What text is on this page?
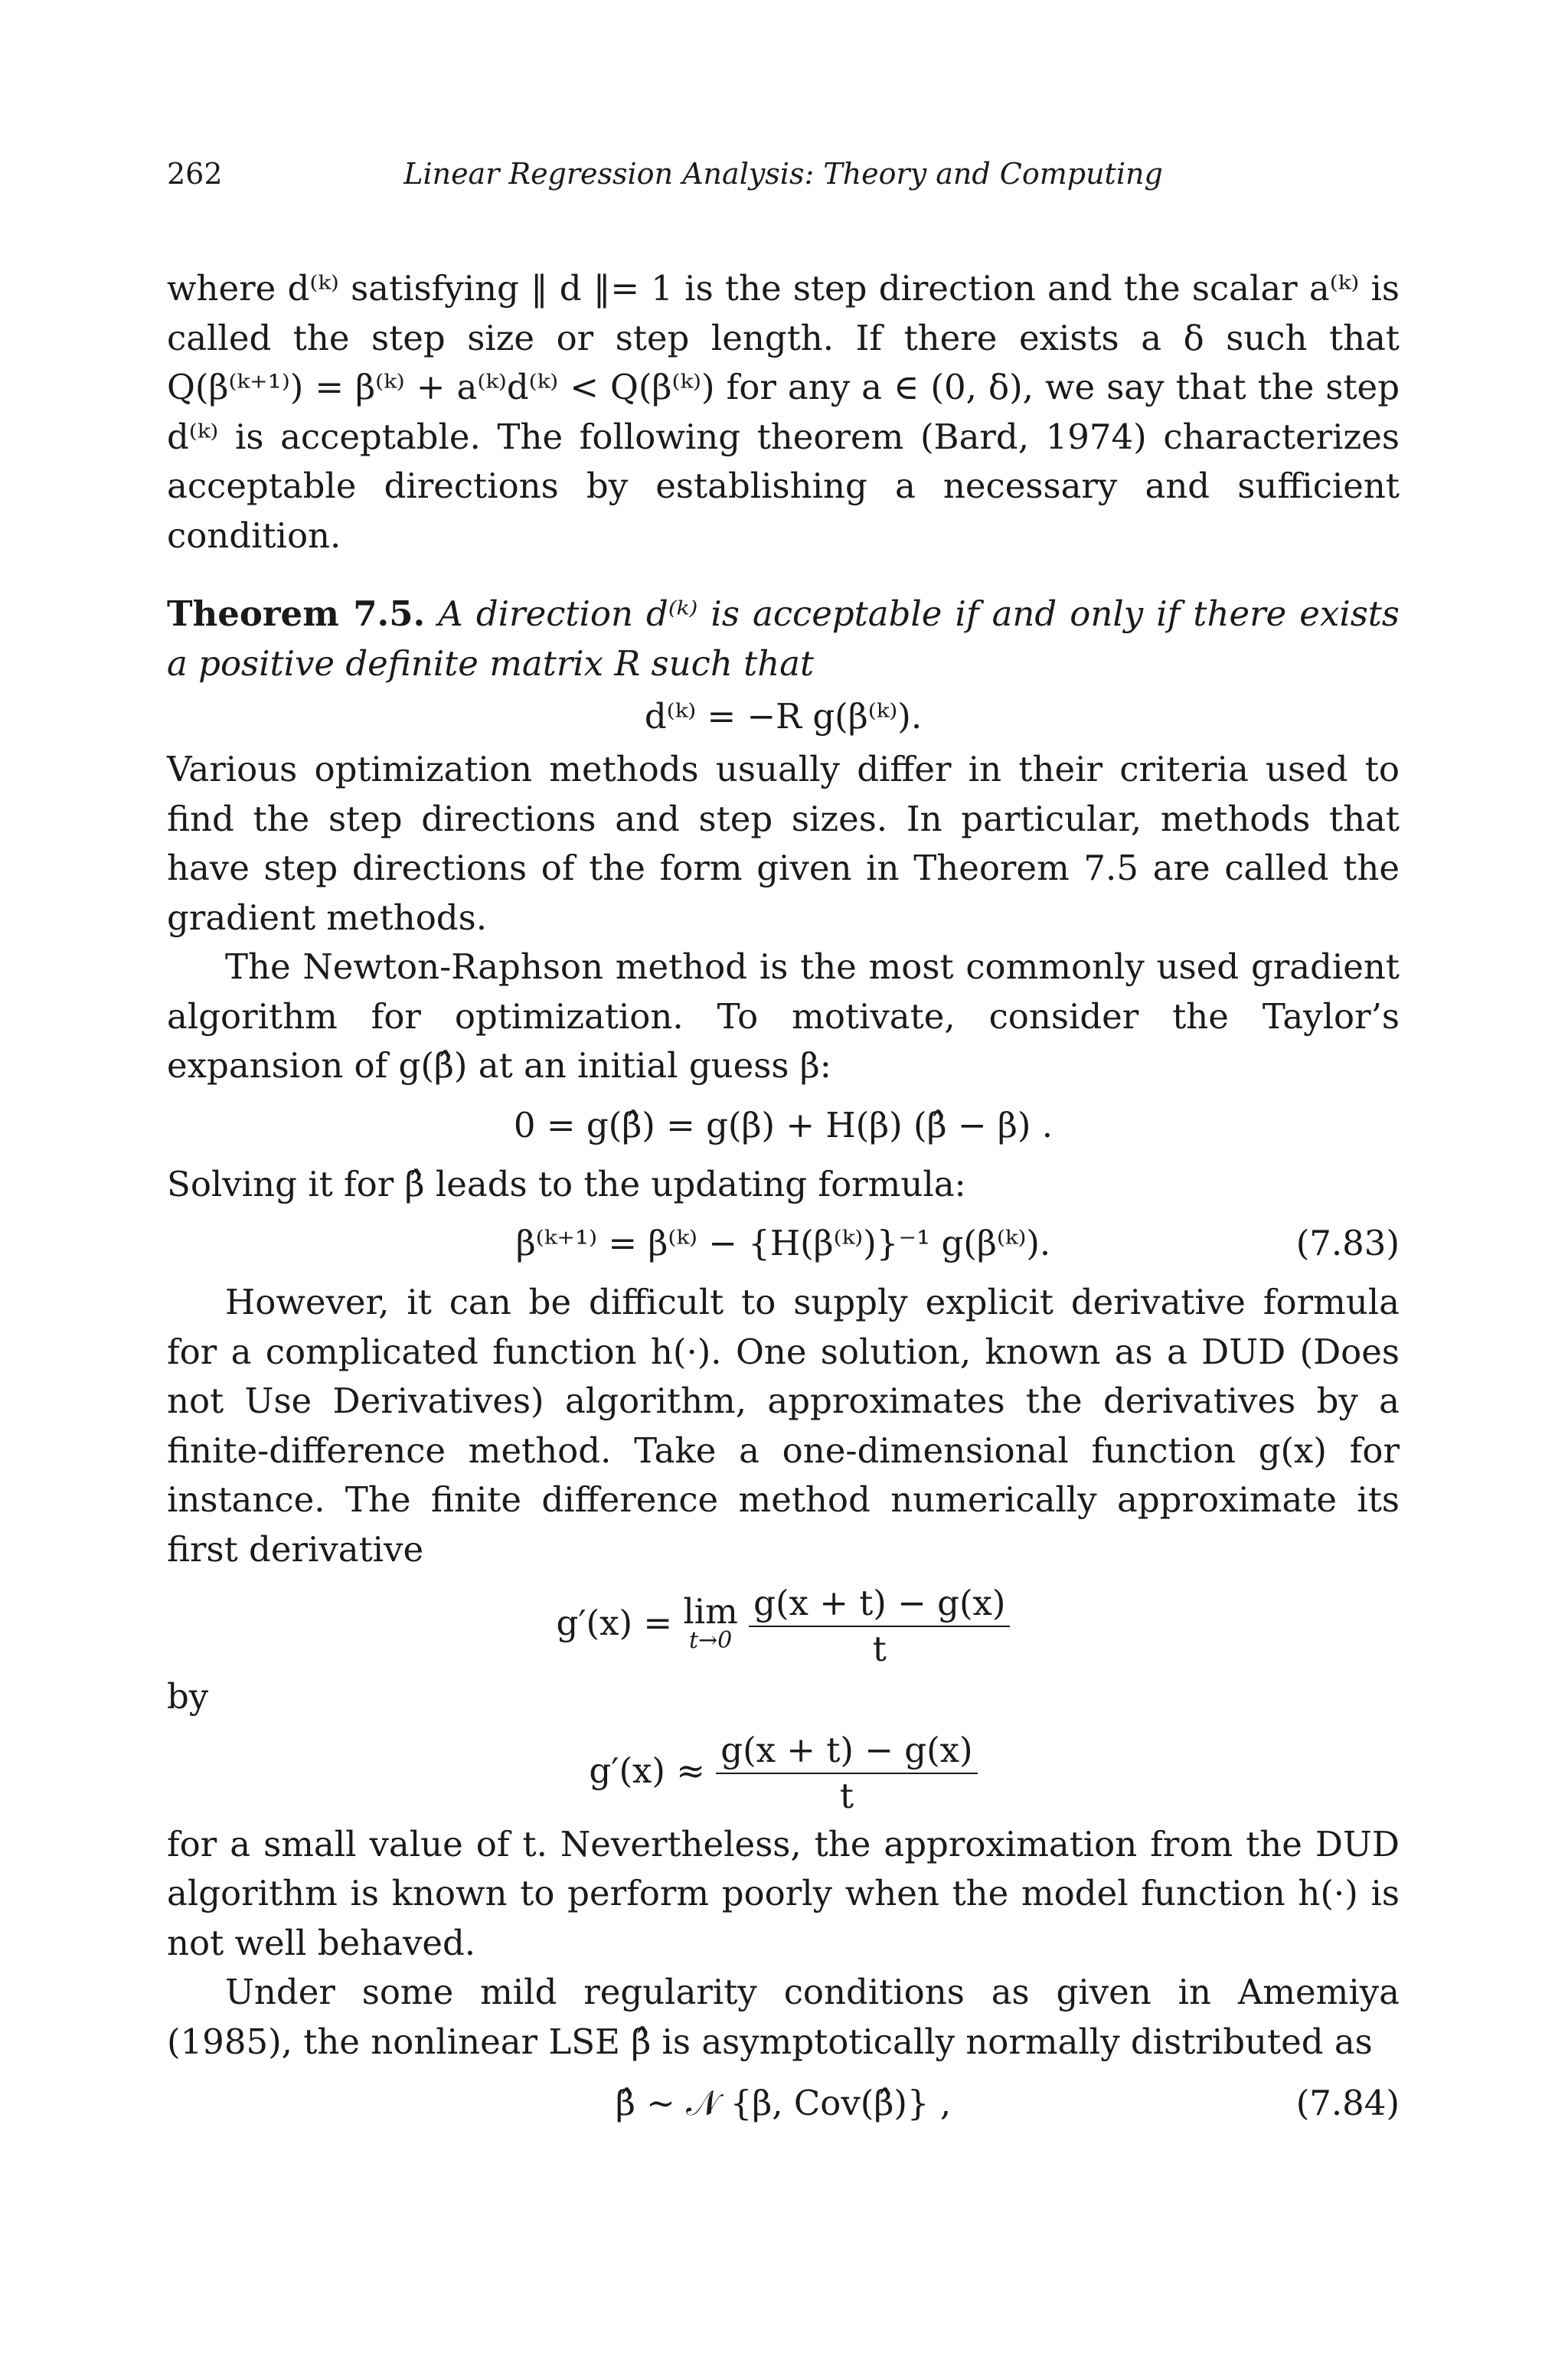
262	Linear Regression Analysis: Theory and Computing

where d⁽ᵏ⁾ satisfying ‖ d ‖= 1 is the step direction and the scalar a⁽ᵏ⁾ is called the step size or step length. If there exists a δ such that Q(β⁽ᵏ⁺¹⁾) = β⁽ᵏ⁾ + a⁽ᵏ⁾d⁽ᵏ⁾ < Q(β⁽ᵏ⁾) for any a ∈ (0, δ), we say that the step d⁽ᵏ⁾ is acceptable. The following theorem (Bard, 1974) characterizes acceptable directions by establishing a necessary and sufficient condition.

Theorem 7.5. A direction d⁽ᵏ⁾ is acceptable if and only if there exists a positive definite matrix R such that

d⁽ᵏ⁾ = −R g(β⁽ᵏ⁾).

Various optimization methods usually differ in their criteria used to find the step directions and step sizes. In particular, methods that have step directions of the form given in Theorem 7.5 are called the gradient methods.

The Newton-Raphson method is the most commonly used gradient algorithm for optimization. To motivate, consider the Taylor’s expansion of g(β̂) at an initial guess β:

0 = g(β̂) = g(β) + H(β) (β̂ − β) .

Solving it for β̂ leads to the updating formula:

β⁽ᵏ⁺¹⁾ = β⁽ᵏ⁾ − {H(β⁽ᵏ⁾)}⁻¹ g(β⁽ᵏ⁾).	(7.83)

However, it can be difficult to supply explicit derivative formula for a complicated function h(·). One solution, known as a DUD (Does not Use Derivatives) algorithm, approximates the derivatives by a finite-difference method. Take a one-dimensional function g(x) for instance. The finite difference method numerically approximate its first derivative

g′(x) = lim
t→0
$\frac{g(x + t) - g(x)}{t}$

by

$g'(x) \approx \frac{g(x + t) - g(x)}{t}$

for a small value of t. Nevertheless, the approximation from the DUD algorithm is known to perform poorly when the model function h(·) is not well behaved.

Under some mild regularity conditions as given in Amemiya (1985), the nonlinear LSE β̂ is asymptotically normally distributed as

β̂ ∼ 𝒩 {β, Cov(β̂)} ,	(7.84)
